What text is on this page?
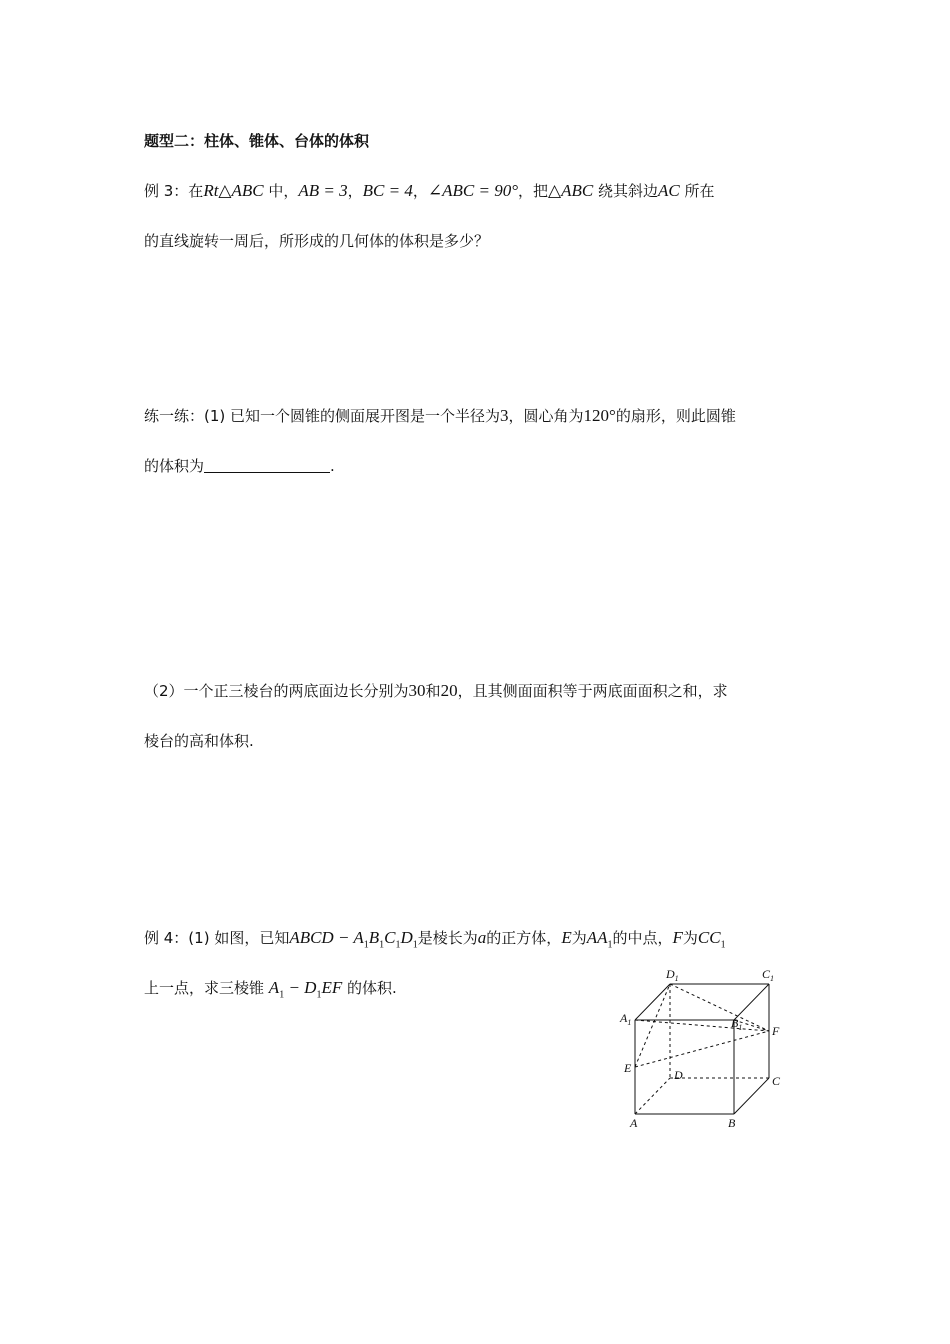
题型二：柱体、锥体、台体的体积
例 3：在Rt△ABC 中，AB = 3，BC = 4，∠ABC = 90°，把△ABC 绕其斜边AC 所在
的直线旋转一周后，所形成的几何体的体积是多少？
练一练：(1) 已知一个圆锥的侧面展开图是一个半径为3，圆心角为120°的扇形，则此圆锥
的体积为	.
（2）一个正三棱台的两底面边长分别为30和20，且其侧面面积等于两底面面积之和，求
棱台的高和体积.
例 4：(1) 如图，已知ABCD − $A_1B_1C_1D_1$是棱长为a的正方体，E为$AA_1$的中点，F为$CC_1$
上一点，求三棱锥 $A_1 - D_1EF$ 的体积.
$D_1$	$C_1$
$A_1$	$B_1$ F
E	D	C
A	B
